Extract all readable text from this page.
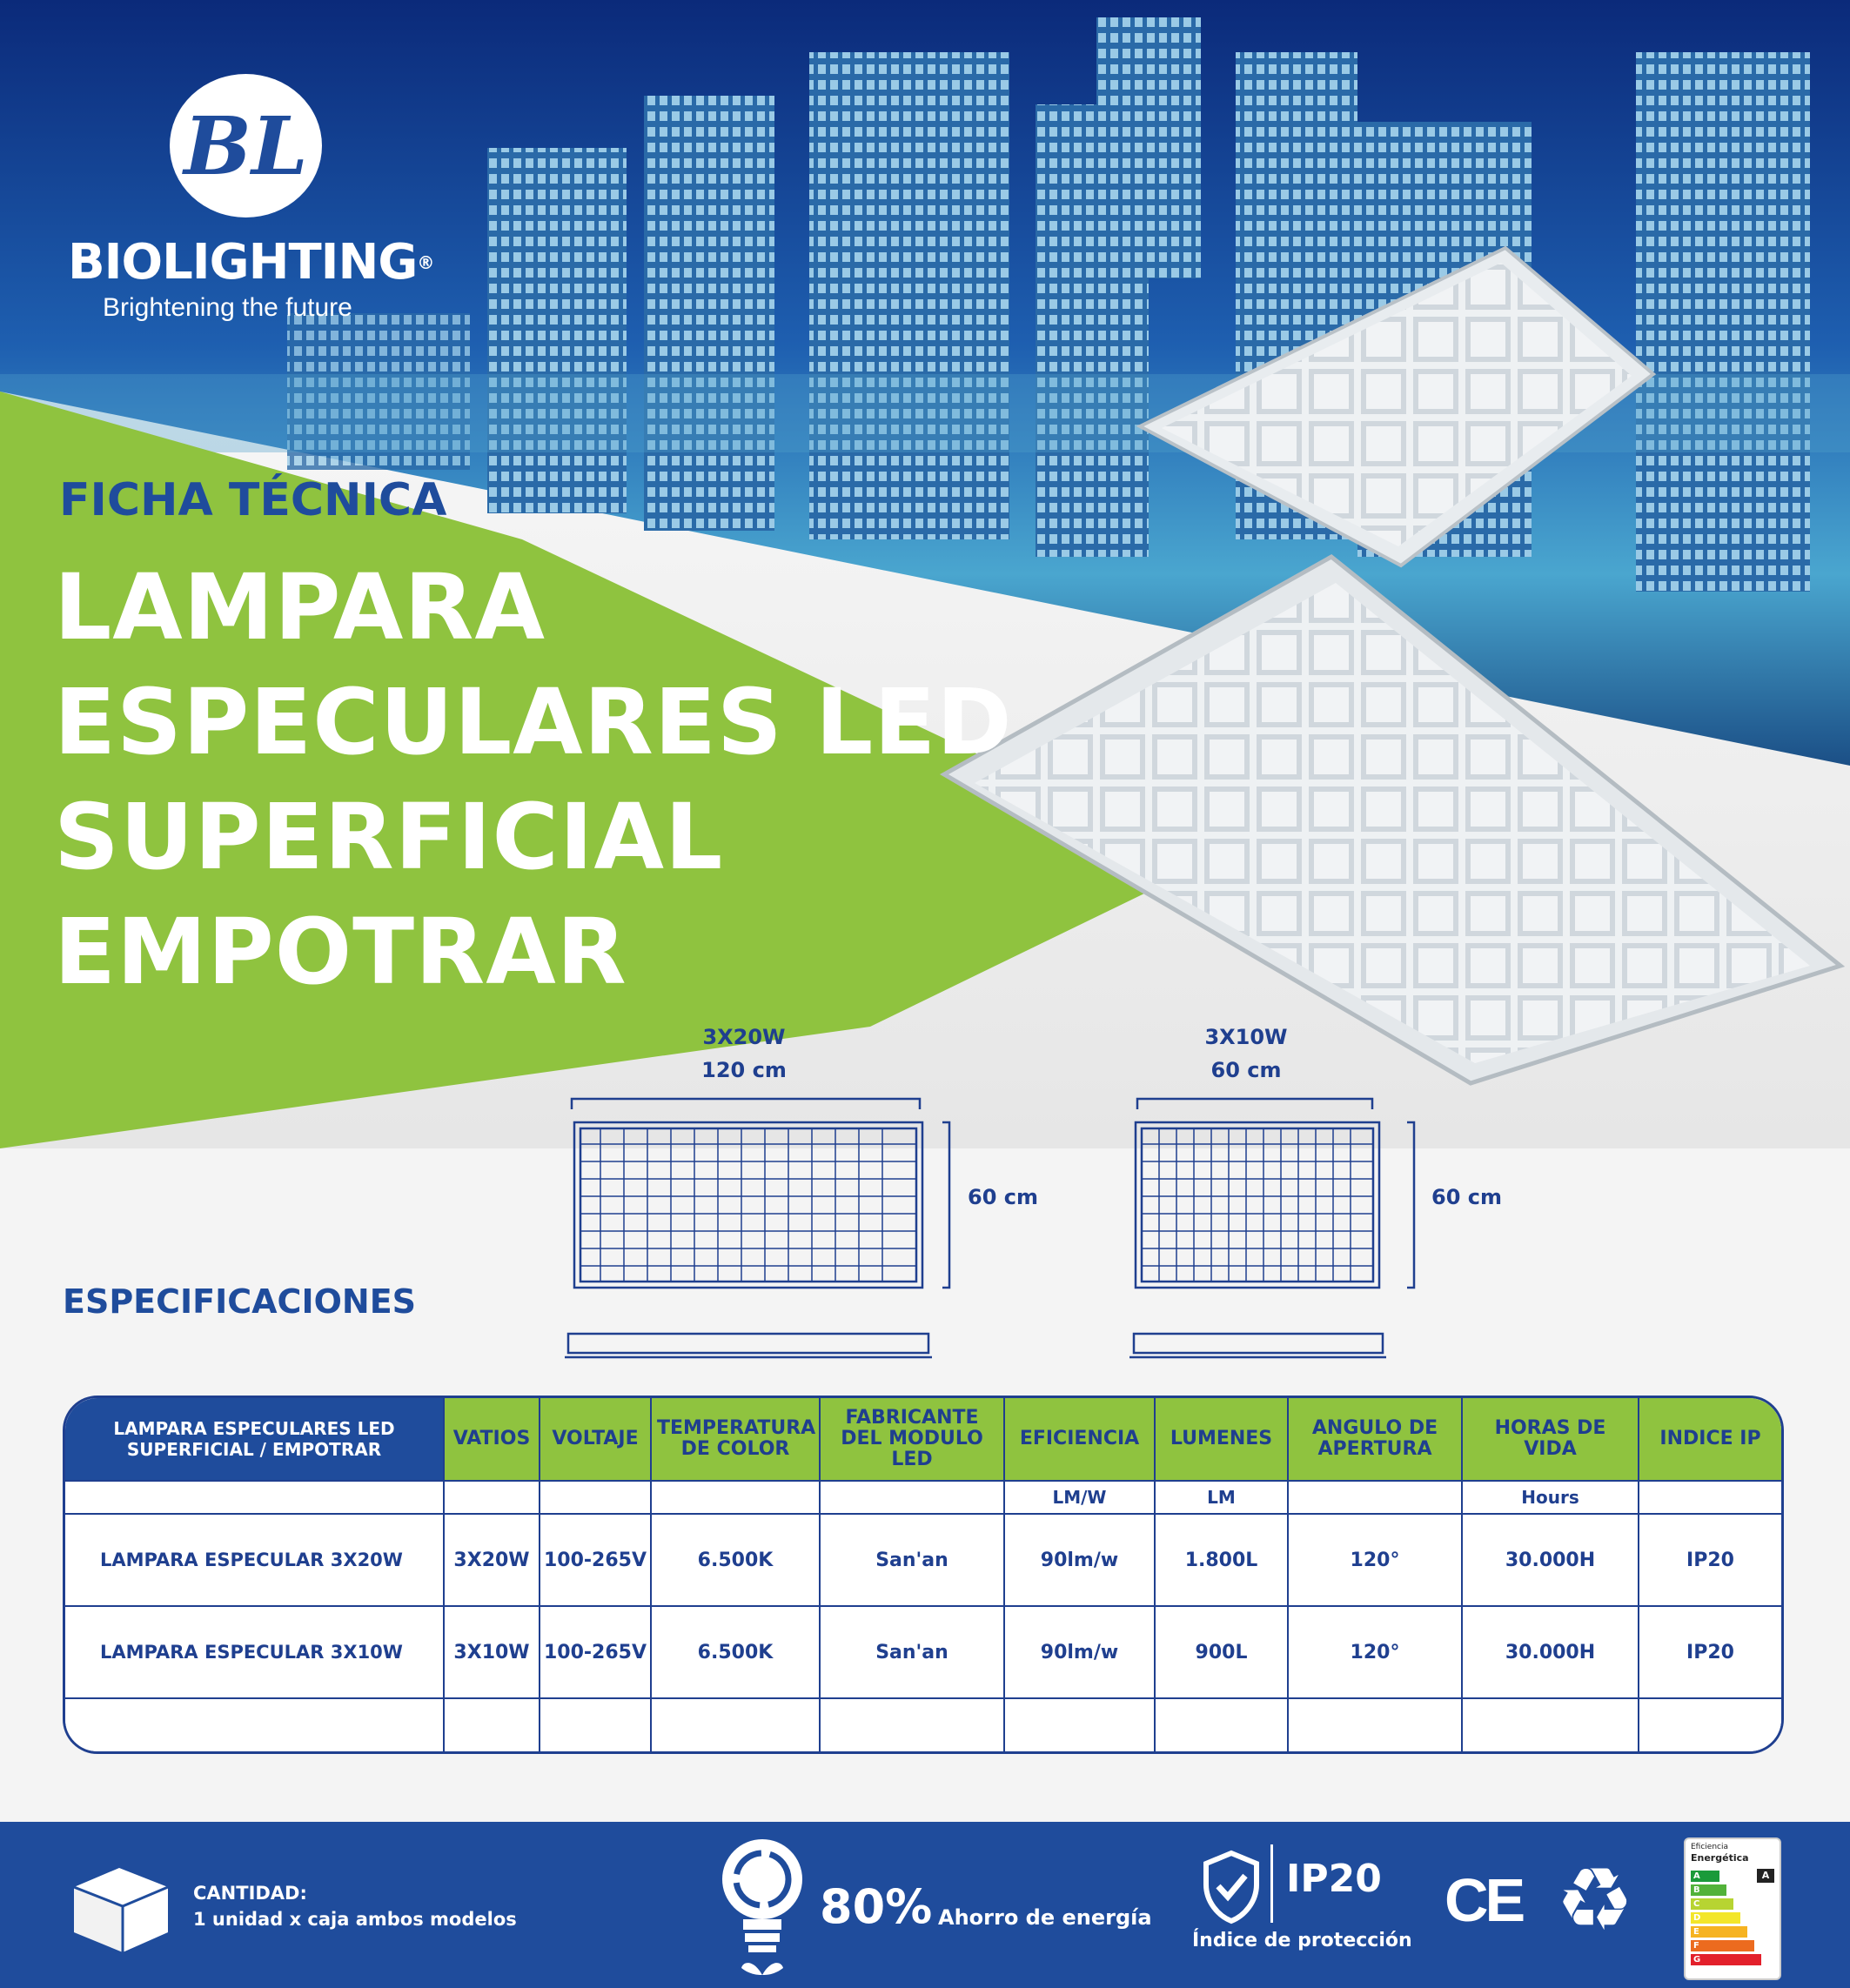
BL
BIOLIGHTING®
Brightening the future
FICHA TÉCNICA
LAMPARA
ESPECULARES LED
SUPERFICIAL
EMPOTRAR
3X20W
120 cm
60 cm
3X10W
60 cm
60 cm
ESPECIFICACIONES
LAMPARA ESPECULARES LED SUPERFICIAL / EMPOTRAR	VATIOS	VOLTAJE	TEMPERATURA DE COLOR	FABRICANTE DEL MODULO LED	EFICIENCIA	LUMENES	ANGULO DE APERTURA	HORAS DE VIDA	INDICE IP
					LM/W	LM		Hours	
LAMPARA ESPECULAR 3X20W	3X20W	100-265V	6.500K	San'an	90lm/w	1.800L	120°	30.000H	IP20
LAMPARA ESPECULAR 3X10W	3X10W	100-265V	6.500K	San'an	90lm/w	900L	120°	30.000H	IP20

CANTIDAD:
1 unidad x caja ambos modelos	80% Ahorro de energía
IP20
Índice de protección
CE ♻
Eficiencia
Energética
A
B
C
D
E
F
G
A
